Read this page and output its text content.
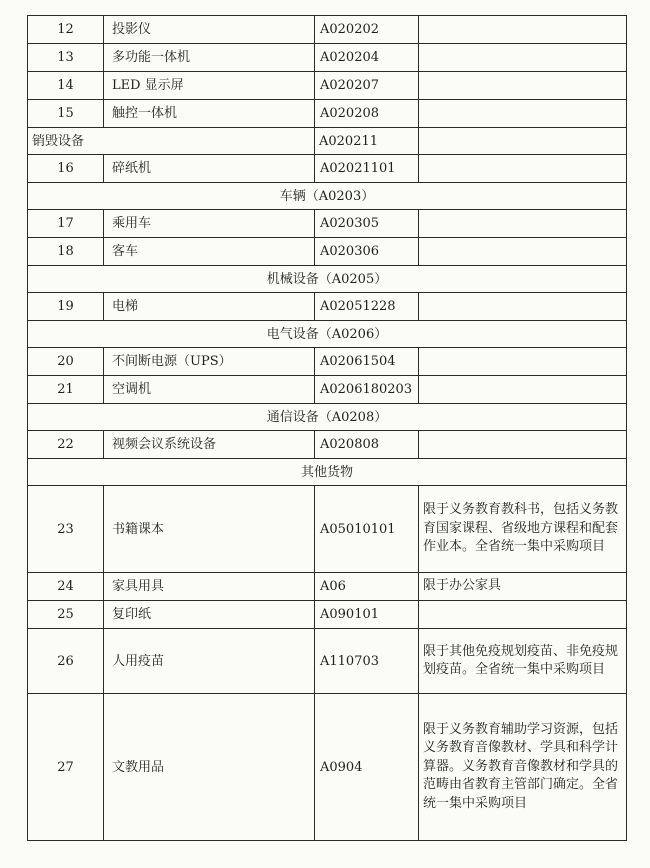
12	投影仪	A020202	
13	多功能一体机	A020204	
14	LED 显示屏	A020207	
15	触控一体机	A020208	
销毁设备		A020211	
16	碎纸机	A02021101	
车辆（A0203）			
17	乘用车	A020305	
18	客车	A020306	
机械设备（A0205）			
19	电梯	A02051228	
电气设备（A0206）			
20	不间断电源（UPS）	A02061504	
21	空调机	A0206180203	
通信设备（A0208）			
22	视频会议系统设备	A020808	
其他货物			
23	书籍课本	A05010101	限于义务教育教科书，包括义务教育国家课程、省级地方课程和配套作业本。全省统一集中采购项目
24	家具用具	A06	限于办公家具
25	复印纸	A090101	
26	人用疫苗	A110703	限于其他免疫规划疫苗、非免疫规划疫苗。全省统一集中采购项目
27	文教用品	A0904	限于义务教育辅助学习资源，包括义务教育音像教材、学具和科学计算器。义务教育音像教材和学具的范畴由省教育主管部门确定。全省统一集中采购项目
